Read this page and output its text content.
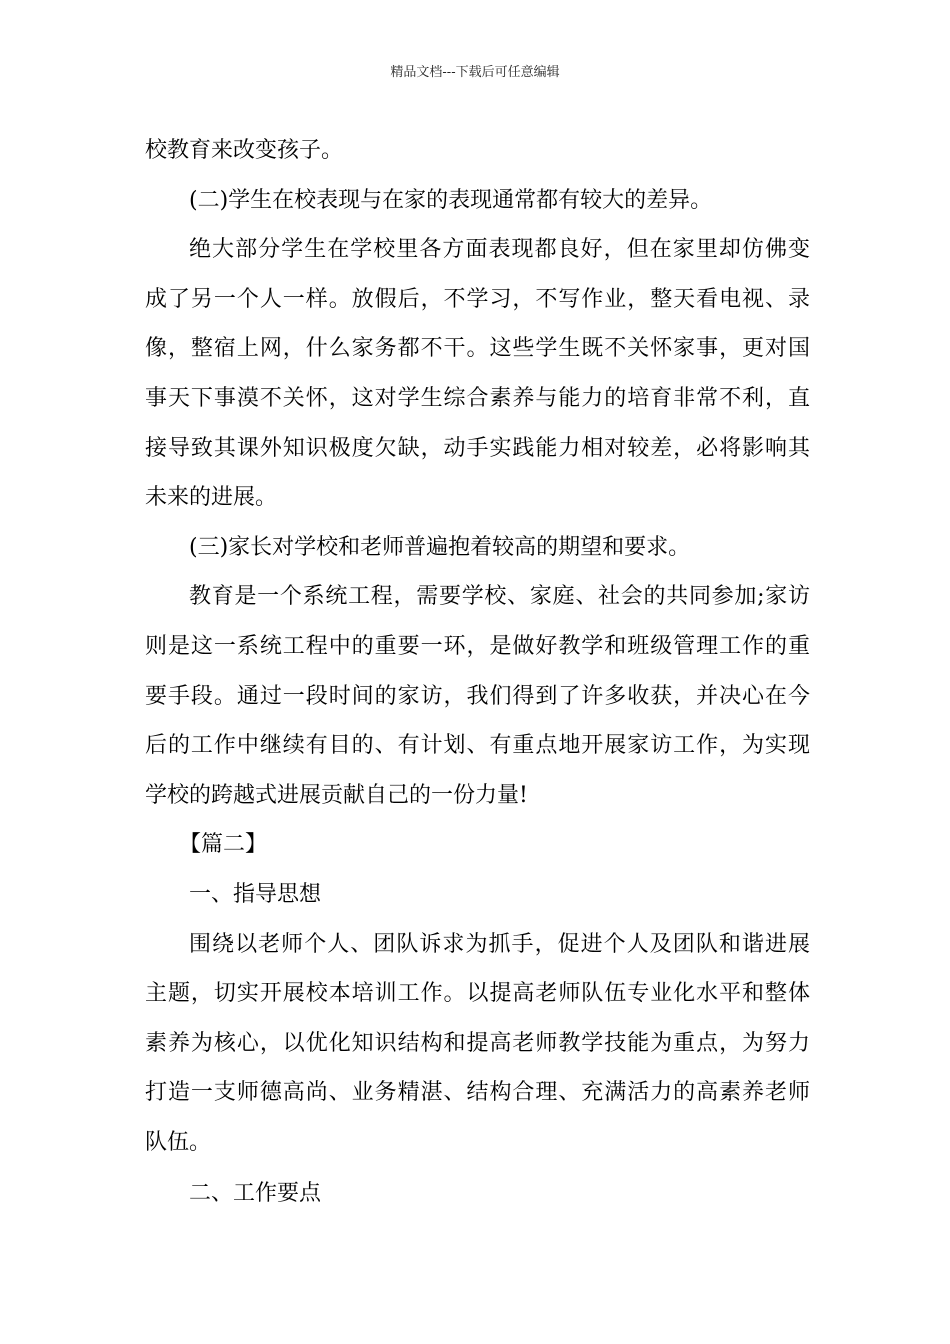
精品文档---下载后可任意编辑
校教育来改变孩子。
(二)学生在校表现与在家的表现通常都有较大的差异。
绝大部分学生在学校里各方面表现都良好，但在家里却仿佛变
成了另一个人一样。放假后，不学习，不写作业，整天看电视、录
像，整宿上网，什么家务都不干。这些学生既不关怀家事，更对国
事天下事漠不关怀，这对学生综合素养与能力的培育非常不利，直
接导致其课外知识极度欠缺，动手实践能力相对较差，必将影响其
未来的进展。
(三)家长对学校和老师普遍抱着较高的期望和要求。
教育是一个系统工程，需要学校、家庭、社会的共同参加;家访
则是这一系统工程中的重要一环，是做好教学和班级管理工作的重
要手段。通过一段时间的家访，我们得到了许多收获，并决心在今
后的工作中继续有目的、有计划、有重点地开展家访工作，为实现
学校的跨越式进展贡献自己的一份力量!
【篇二】
一、指导思想
围绕以老师个人、团队诉求为抓手，促进个人及团队和谐进展
主题，切实开展校本培训工作。以提高老师队伍专业化水平和整体
素养为核心，以优化知识结构和提高老师教学技能为重点，为努力
打造一支师德高尚、业务精湛、结构合理、充满活力的高素养老师
队伍。
二、工作要点
